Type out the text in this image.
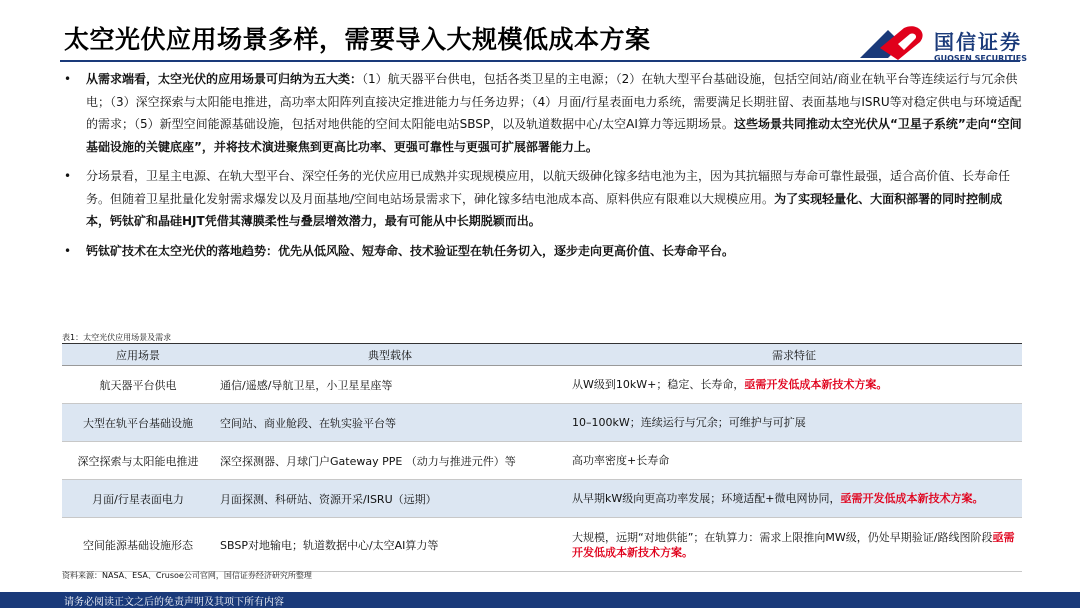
太空光伏应用场景多样，需要导入大规模低成本方案	国信证券
GUOSEN SECURITIES
• 从需求端看，太空光伏的应用场景可归纳为五大类：（1）航天器平台供电，包括各类卫星的主电源；（2）在轨大型平台基础设施，包括空间站/商业在轨平台等连续运行与冗余供电；（3）深空探索与太阳能电推进，高功率太阳阵列直接决定推进能力与任务边界；（4）月面/行星表面电力系统，需要满足长期驻留、表面基地与ISRU等对稳定供电与环境适配的需求；（5）新型空间能源基础设施，包括对地供能的空间太阳能电站SBSP，以及轨道数据中心/太空AI算力等远期场景。这些场景共同推动太空光伏从“卫星子系统”走向“空间基础设施的关键底座”，并将技术演进聚焦到更高比功率、更强可靠性与更强可扩展部署能力上。
• 分场景看，卫星主电源、在轨大型平台、深空任务的光伏应用已成熟并实现规模应用，以航天级砷化镓多结电池为主，因为其抗辐照与寿命可靠性最强，适合高价值、长寿命任务。但随着卫星批量化发射需求爆发以及月面基地/空间电站场景需求下，砷化镓多结电池成本高、原料供应有限难以大规模应用。为了实现轻量化、大面积部署的同时控制成本，钙钛矿和晶硅HJT凭借其薄膜柔性与叠层增效潜力，最有可能从中长期脱颖而出。
• 钙钛矿技术在太空光伏的落地趋势：优先从低风险、短寿命、技术验证型在轨任务切入，逐步走向更高价值、长寿命平台。
表1：太空光伏应用场景及需求
应用场景	典型载体	需求特征
航天器平台供电	通信/遥感/导航卫星，小卫星星座等	从W级到10kW+；稳定、长寿命，亟需开发低成本新技术方案。
大型在轨平台基础设施	空间站、商业舱段、在轨实验平台等	10–100kW；连续运行与冗余；可维护与可扩展
深空探索与太阳能电推进	深空探测器、月球门户Gateway PPE （动力与推进元件）等	高功率密度+长寿命
月面/行星表面电力	月面探测、科研站、资源开采/ISRU（远期）	从早期kW级向更高功率发展；环境适配+微电网协同，亟需开发低成本新技术方案。
空间能源基础设施形态	SBSP对地输电；轨道数据中心/太空AI算力等	大规模，远期“对地供能”；在轨算力：需求上限推向MW级，仍处早期验证/路线图阶段亟需开发低成本新技术方案。
资料来源：NASA、ESA、Crusoe公司官网，国信证券经济研究所整理
请务必阅读正文之后的免责声明及其项下所有内容
